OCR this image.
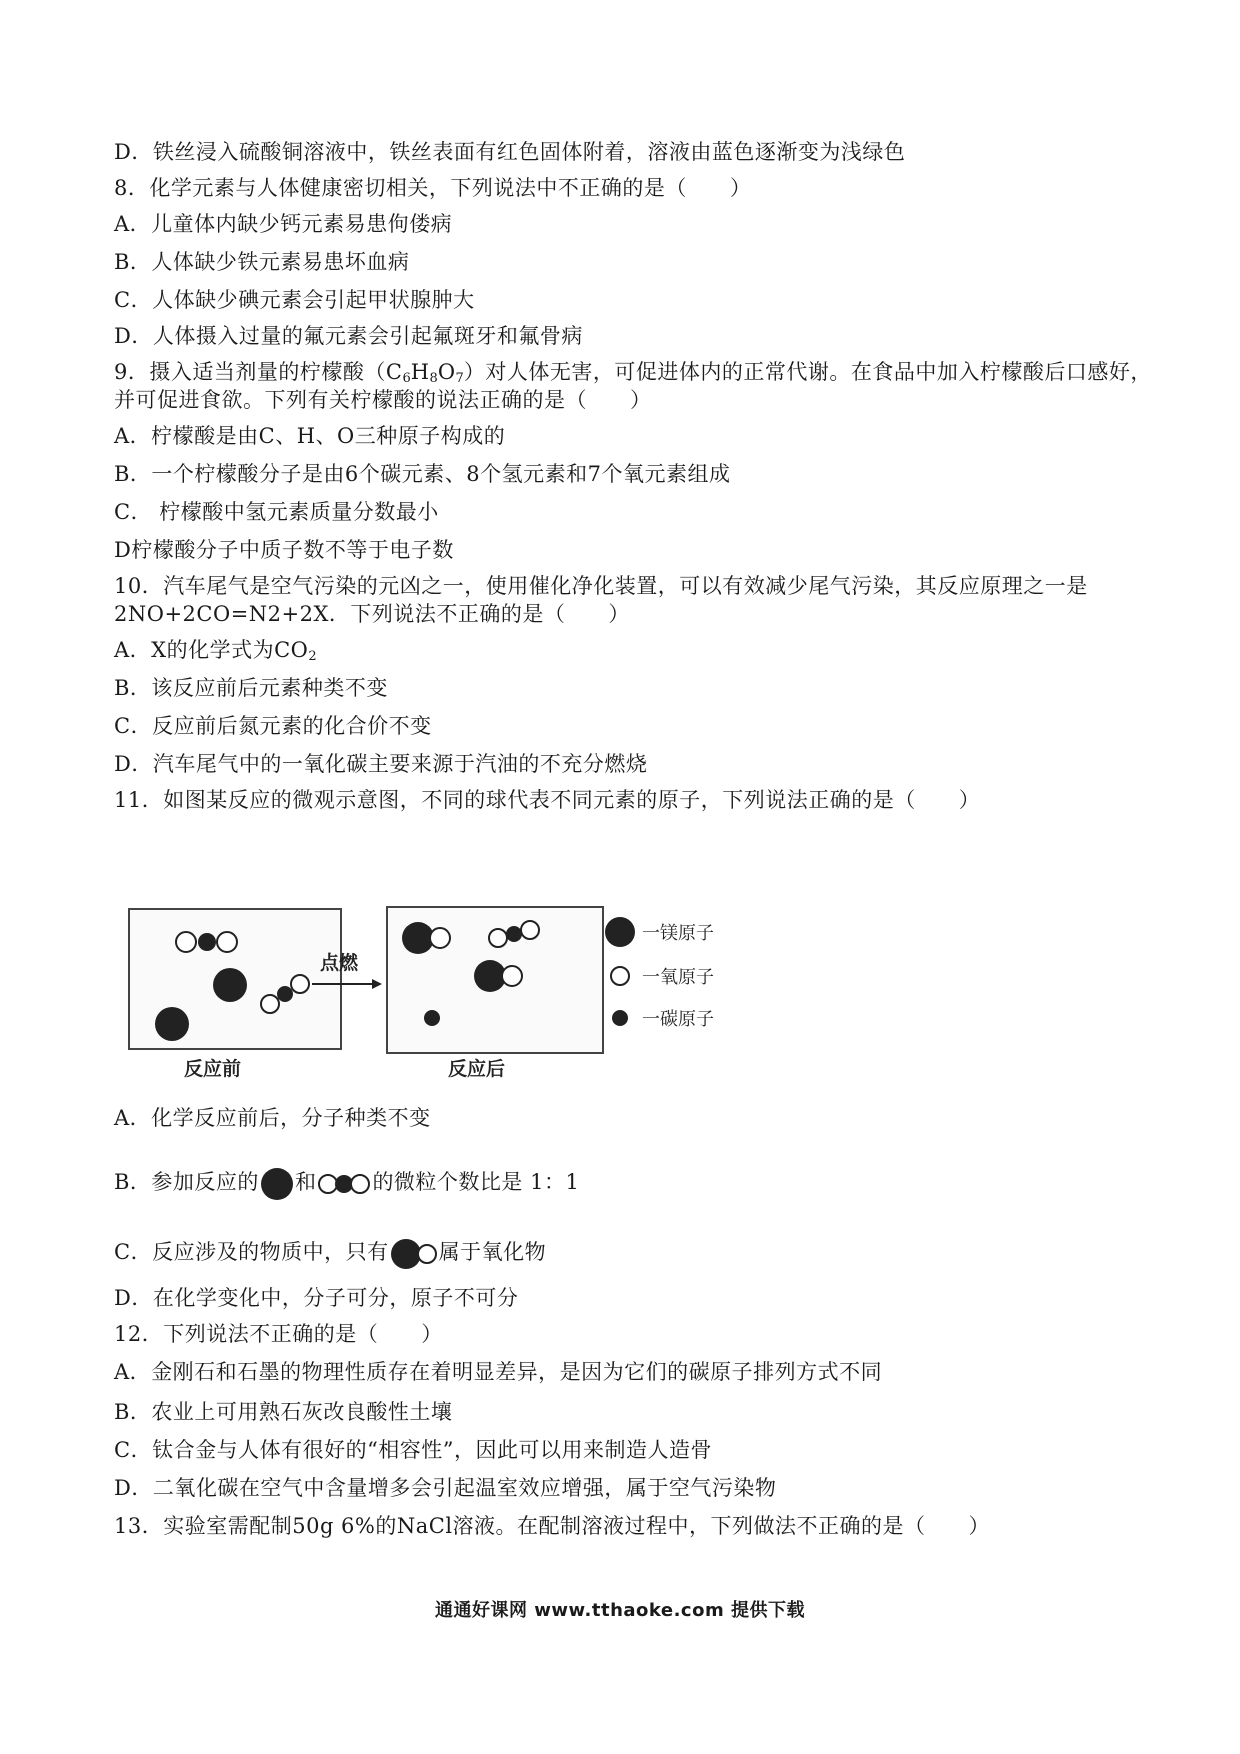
D．铁丝浸入硫酸铜溶液中，铁丝表面有红色固体附着，溶液由蓝色逐渐变为浅绿色
8．化学元素与人体健康密切相关，下列说法中不正确的是（　　）
A．儿童体内缺少钙元素易患佝偻病
B．人体缺少铁元素易患坏血病
C．人体缺少碘元素会引起甲状腺肿大
D．人体摄入过量的氟元素会引起氟斑牙和氟骨病
9．摄入适当剂量的柠檬酸$(C_6H_8O_7)$对人体无害，可促进体内的正常代谢。在食品中加入柠檬酸后口感好，
并可促进食欲。下列有关柠檬酸的说法正确的是（　　）
A．柠檬酸是由C、H、O三种原子构成的
B．一个柠檬酸分子是由6个碳元素、8个氢元素和7个氧元素组成
C． 柠檬酸中氢元素质量分数最小
D柠檬酸分子中质子数不等于电子数
10．汽车尾气是空气污染的元凶之一，使用催化净化装置，可以有效减少尾气污染，其反应原理之一是
2NO+2CO=N2+2X．下列说法不正确的是（　　）
A．X的化学式为$CO_2$
B．该反应前后元素种类不变
C．反应前后氮元素的化合价不变
D．汽车尾气中的一氧化碳主要来源于汽油的不充分燃烧
11．如图某反应的微观示意图，不同的球代表不同元素的原子，下列说法正确的是（　　）
点燃
反应前	反应后
一镁原子
一氧原子
一碳原子
A．化学反应前后，分子种类不变
B．参加反应的 和	的微粒个数比是 1：1
C．反应涉及的物质中，只有 属于氧化物
D．在化学变化中，分子可分，原子不可分
12．下列说法不正确的是（　　）
A．金刚石和石墨的物理性质存在着明显差异，是因为它们的碳原子排列方式不同
B．农业上可用熟石灰改良酸性土壤
C．钛合金与人体有很好的“相容性”，因此可以用来制造人造骨
D．二氧化碳在空气中含量增多会引起温室效应增强，属于空气污染物
13．实验室需配制50g 6%的NaCl溶液。在配制溶液过程中，下列做法不正确的是（　　）
通通好课网 www.tthaoke.com 提供下载
